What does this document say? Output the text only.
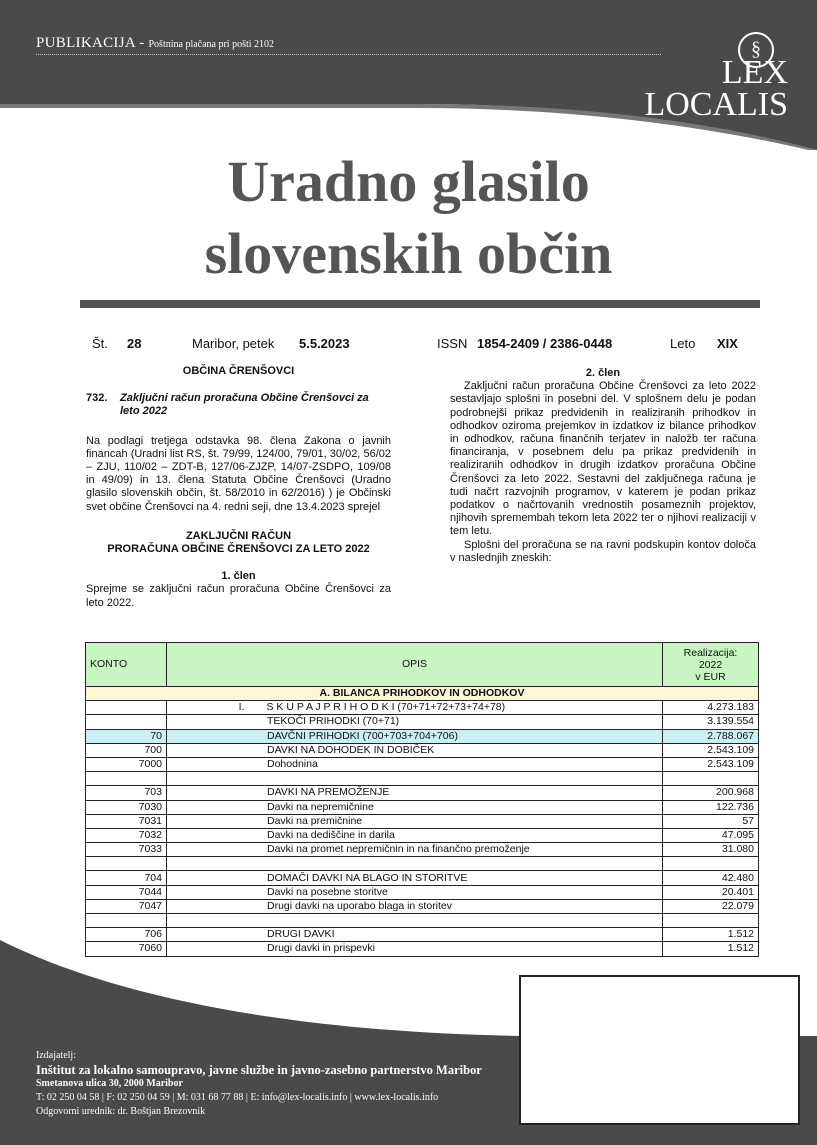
PUBLIKACIJA - Poštnina plačana pri pošti 2102	§
LEX
LOCALIS
Uradno glasilo
slovenskih občin
Št. 28	Maribor, petek 5.5.2023	ISSN 1854-2409 / 2386-0448	Leto XIX
OBČINA ČRENŠOVCI
732.	Zaključni račun proračuna Občine Črenšovci za leto 2022
Na podlagi tretjega odstavka 98. člena Zakona o javnih financah (Uradni list RS, št. 79/99, 124/00, 79/01, 30/02, 56/02 – ZJU, 110/02 – ZDT-B, 127/06-ZJZP, 14/07-ZSDPO, 109/08 in 49/09) in 13. člena Statuta Občine Črenšovci (Uradno glasilo slovenskih občin, št. 58/2010 in 62/2016) ) je Občinski svet občine Črenšovci na 4. redni seji, dne 13.4.2023 sprejel
ZAKLJUČNI RAČUN
PRORAČUNA OBČINE ČRENŠOVCI ZA LETO 2022
1. člen
Sprejme se zaključni račun proračuna Občine Črenšovci za leto 2022.
2. člen
Zaključni račun proračuna Občine Črenšovci za leto 2022 sestavljajo splošni in posebni del. V splošnem delu je podan podrobnejši prikaz predvidenih in realiziranih prihodkov in odhodkov oziroma prejemkov in izdatkov iz bilance prihodkov in odhodkov, računa finančnih terjatev in naložb ter računa financiranja, v posebnem delu pa prikaz predvidenih in realiziranih odhodkov in drugih izdatkov proračuna Občine Črenšovci za leto 2022. Sestavni del zaključnega računa je tudi načrt razvojnih programov, v katerem je podan prikaz podatkov o načrtovanih vrednostih posameznih projektov, njihovih spremembah tekom leta 2022 ter o njihovi realizaciji v tem letu.
Splošni del proračuna se na ravni podskupin kontov določa v naslednjih zneskih:
KONTO	OPIS		Realizacija:
2022
v EUR

A. BILANCA PRIHODKOV IN ODHODKOV			
	I.	S K U P A J P R I H O D K I (70+71+72+73+74+78)	4.273.183
	TEKOČI PRIHODKI (70+71)		3.139.554
70	DAVČNI PRIHODKI (700+703+704+706)		2.788.067
700	DAVKI NA DOHODEK IN DOBIČEK		2.543.109
7000	Dohodnina		2.543.109

703	DAVKI NA PREMOŽENJE		200.968
7030	Davki na nepremičnine		122.736
7031	Davki na premičnine		57
7032	Davki na dediščine in darila		47.095
7033	Davki na promet nepremičnin in na finančno premoženje		31.080

704	DOMAČI DAVKI NA BLAGO IN STORITVE		42.480
7044	Davki na posebne storitve		20.401
7047	Drugi davki na uporabo blaga in storitev		22.079

706	DRUGI DAVKI		1.512
7060	Drugi davki in prispevki		1.512
Izdajatelj:
Inštitut za lokalno samoupravo, javne službe in javno-zasebno partnerstvo Maribor
Smetanova ulica 30, 2000 Maribor
T: 02 250 04 58 | F: 02 250 04 59 | M: 031 68 77 88 | E: info@lex-localis.info | www.lex-localis.info
Odgovorni urednik: dr. Boštjan Brezovnik
